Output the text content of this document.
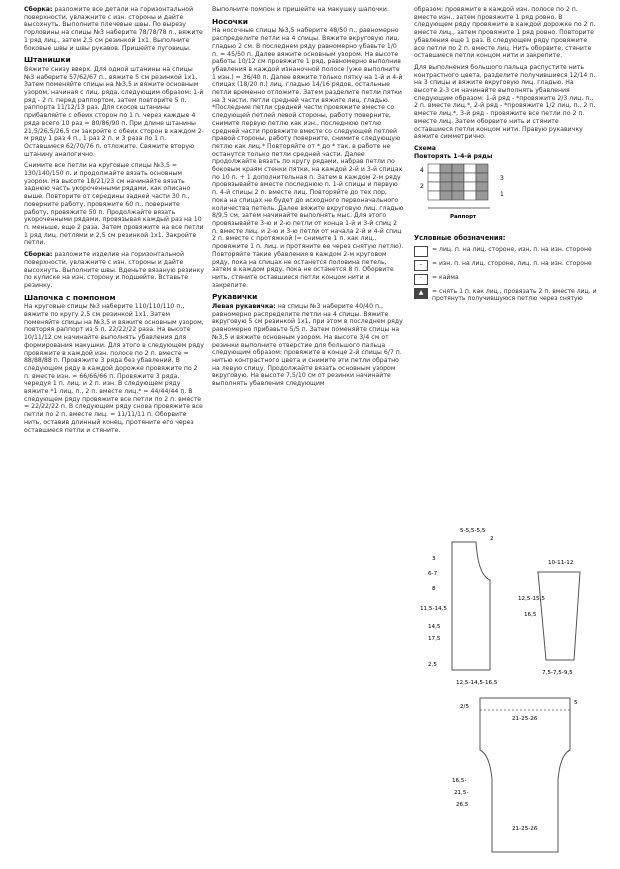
Сборка: разложите все детали на горизонтальной поверхности, увлажните с изн. стороны и дайте высохнуть. Выполните плечевые швы. По вырезу горловины на спицы №3 наберите 78/78/78 п., вяжите 1 ряд лиц., затем 2,5 см резинкой 1х1. Выполните боковые швы и швы рукавов. Пришейте пуговицы.

Штанишки

Вяжите снизу вверх. Для одной штанины на спицы №3 наберите 57/62/67 п., вяжите 5 см резинкой 1х1. Затем поменяйте спицы на №3,5 и вяжите основным узором, начиная с лиц. ряда, следующим образом: 1-й ряд - 2 п. перед раппортом, затем повторите 5 п. раппорта 11/12/13 раз. Для скосов штанины прибавляйте с обеих сторон по 1 п. через каждые 4 ряда всего 10 раз = 80/86/90 п. При длине штанины 21,5/26,5/26,5 см закройте с обеих сторон в каждом 2-м ряду 1 раз 4 п., 1 раз 2 п. и 3 раза по 1 п. Оставшиеся 62/70/76 п. отложите. Свяжите вторую штанину аналогично.

Снимите все петли на круговые спицы №3,5 = 130/140/150 п. и продолжайте вязать основным узором. На высоте 18/21/23 см начинайте вязать заднюю часть укороченными рядами, как описано выше. Повторите от середины задней части 30 п., поверните работу, провяжите 60 п., поверните работу, провяжите 50 п. Продолжайте вязать укороченными рядами, провязывая каждый раз на 10 п. меньше, еще 2 раза. Затем провяжите на все петли 1 ряд лиц. петлями и 2,5 см резинкой 1х1. Закройте петли.

Сборка: разложите изделие на горизонтальной поверхности, увлажните с изн. стороны и дайте высохнуть. Выполните швы. Вденьте вязаную резинку по кулиске на изн. сторону и подшейте. Вставьте резинку.

Шапочка с помпоном

На круговые спицы №3 наберите 110/110/110 п., вяжите по кругу 2,5 см резинкой 1х1. Затем поменяйте спицы на №3,5 и вяжите основным узором, повторяя раппорт из 5 п. 22/22/22 раза. На высоте 10/11/12 см начинайте выполнять убавления для формирования макушки. Для этого в следующем ряду провяжите в каждой изн. полосе по 2 п. вместе = 88/88/88 п. Провяжите 3 ряда без убавлений. В следующем ряду в каждой дорожке провяжите по 2 п. вместе изн. = 66/66/66 п. Провяжите 3 ряда, чередуя 1 п. лиц. и 2 п. изн. В следующем ряду вяжите *1 лиц. п., 2 п. вместе лиц.* = 44/44/44 п. В следующем ряду провяжите все петли по 2 п. вместе = 22/22/22 п. В следующем ряду снова провяжите все петли по 2 п. вместе лиц. = 11/11/11 п. Оборвите нить, оставив длинный конец, протяните его через оставшиеся петли и стяните.

Выполните помпон и пришейте на макушку шапочки.

Носочки

На носочные спицы №3,5 наберите 48/50 п., равномерно распределите петли на 4 спицы. Вяжите вкруговую лиц. гладью 2 см. В последнем ряду равномерно убавьте 1/0 п. = 45/50 п. Далее вяжите основным узором. На высоте работы 10/12 см провяжите 1 ряд, равномерно выполнив убавления в каждой изнаночной полосе (уже выполните 1 изн.) = 36/40 п. Далее вяжите только пятку на 1-й и 4-й спицах (18/20 п.) лиц. гладью 14/16 рядов, остальные петли временно отложите. Затем разделите петли пятки на 3 части, петли средней части вяжите лиц. гладью. *Последние петли средней части провяжите вместе со следующей петлей левой стороны, работу поверните, снимите первую петлю как изн., последнюю петлю средней части провяжите вместе со следующей петлей правой стороны, работу поверните, снимите следующую петлю как лиц.* Повторяйте от * до * так, в работе не останутся только петли средней части. Далее продолжайте вязать по кругу рядами, набрав петли по боковым краям стенки пятки, на каждой 2-й и 3-й спицах по 10 п. + 1 дополнительная п. Затем в каждом 2-м ряду провязывайте вместе последнюю п. 1-й спицы и первую п. 4-й спицы 2 п. вместе лиц. Повторяйте до тех пор, пока на спицах не будет до исходного первоначального количества петель. Далее вяжите вкруговую лиц. гладью 8/9,5 см, затем начинайте выполнять мыс. Для этого провязывайте 3-ю и 2-ю петли от конца 1-й и 3-й спиц 2 п. вместе лиц. и 2-ю и 3-ю петли от начала 2-й и 4-й спиц 2 п. вместе с протяжкой (= снимите 1 п. как лиц., провяжите 1 п. лиц. и протяните ее через снятую петлю). Повторяйте такие убавления в каждом 2-м круговом ряду, пока на спицах не останется половина петель, затем в каждом ряду, пока не останется 8 п. Оборвите нить, стяните оставшиеся петли концом нити и закрепите.

Рукавички

Левая рукавичка: на спицы №3 наберите 40/40 п., равномерно распределите петли на 4 спицы. Вяжите вкруговую 5 см резинкой 1х1, при этом в последнем ряду равномерно прибавьте 5/5 п. Затем поменяйте спицы на №3,5 и вяжите основным узором. На высоте 3/4 см от резинки выполните отверстие для большого пальца следующим образом: провяжите в конце 2-й спицы 6/7 п. нитью контрастного цвета и снимите эти петли обратно на левую спицу. Продолжайте вязать основным узором вкруговую. На высоте 7,5/10 см от резинки начинайте выполнять убавления следующим

образом: провяжите в каждой изн. полосе по 2 п. вместе изн., затем провяжите 1 ряд ровно. В следующем ряду провяжите в каждой дорожке по 2 п. вместе лиц., затем провяжите 1 ряд ровно. Повторите убавления еще 1 раз. В следующем ряду провяжите все петли по 2 п. вместе лиц. Нить оборвите, стяните оставшиеся петли концом нити и закрепите.

Для выполнения большого пальца распустите нить контрастного цвета, разделите получившиеся 12/14 п. на 3 спицы и вяжите вкруговую лиц. гладью. На высоте 2-3 см начинайте выполнять убавления следующим образом: 1-й ряд - *провяжите 2/3 лиц. п., 2 п. вместе лиц.*, 2-й ряд - *провяжите 1/2 лиц. п., 2 п. вместе лиц.*, 3-й ряд - провяжите все петли по 2 п. вместе лиц. Затем оборвите нить и стяните оставшиеся петли концом нити. Правую рукавичку вяжите симметрично.

Схема
Повторять 1-4-й ряды
3
1
2
4
Раппорт
Условные обозначения:
= лиц. п. на лиц. стороне, изн. п. на изн. стороне
–	= изн. п. на лиц. стороне, лиц. п. на изн. стороне
·	= кайма
▲	= снять 1 п. как лиц., провязать 2 п. вместе лиц. и протянуть получившуюся петлю через снятую
5-5,5-5,5
2
3
6-7
8
11,5-14,5
14,5
17,5
2,5
12,5-14,5-16,5
10-11-12
12,5-15,5
16,5
7,5-7,5-9,5
2/5
21-25-26
21-25-26
16,5-
21,5-
26,5
5
